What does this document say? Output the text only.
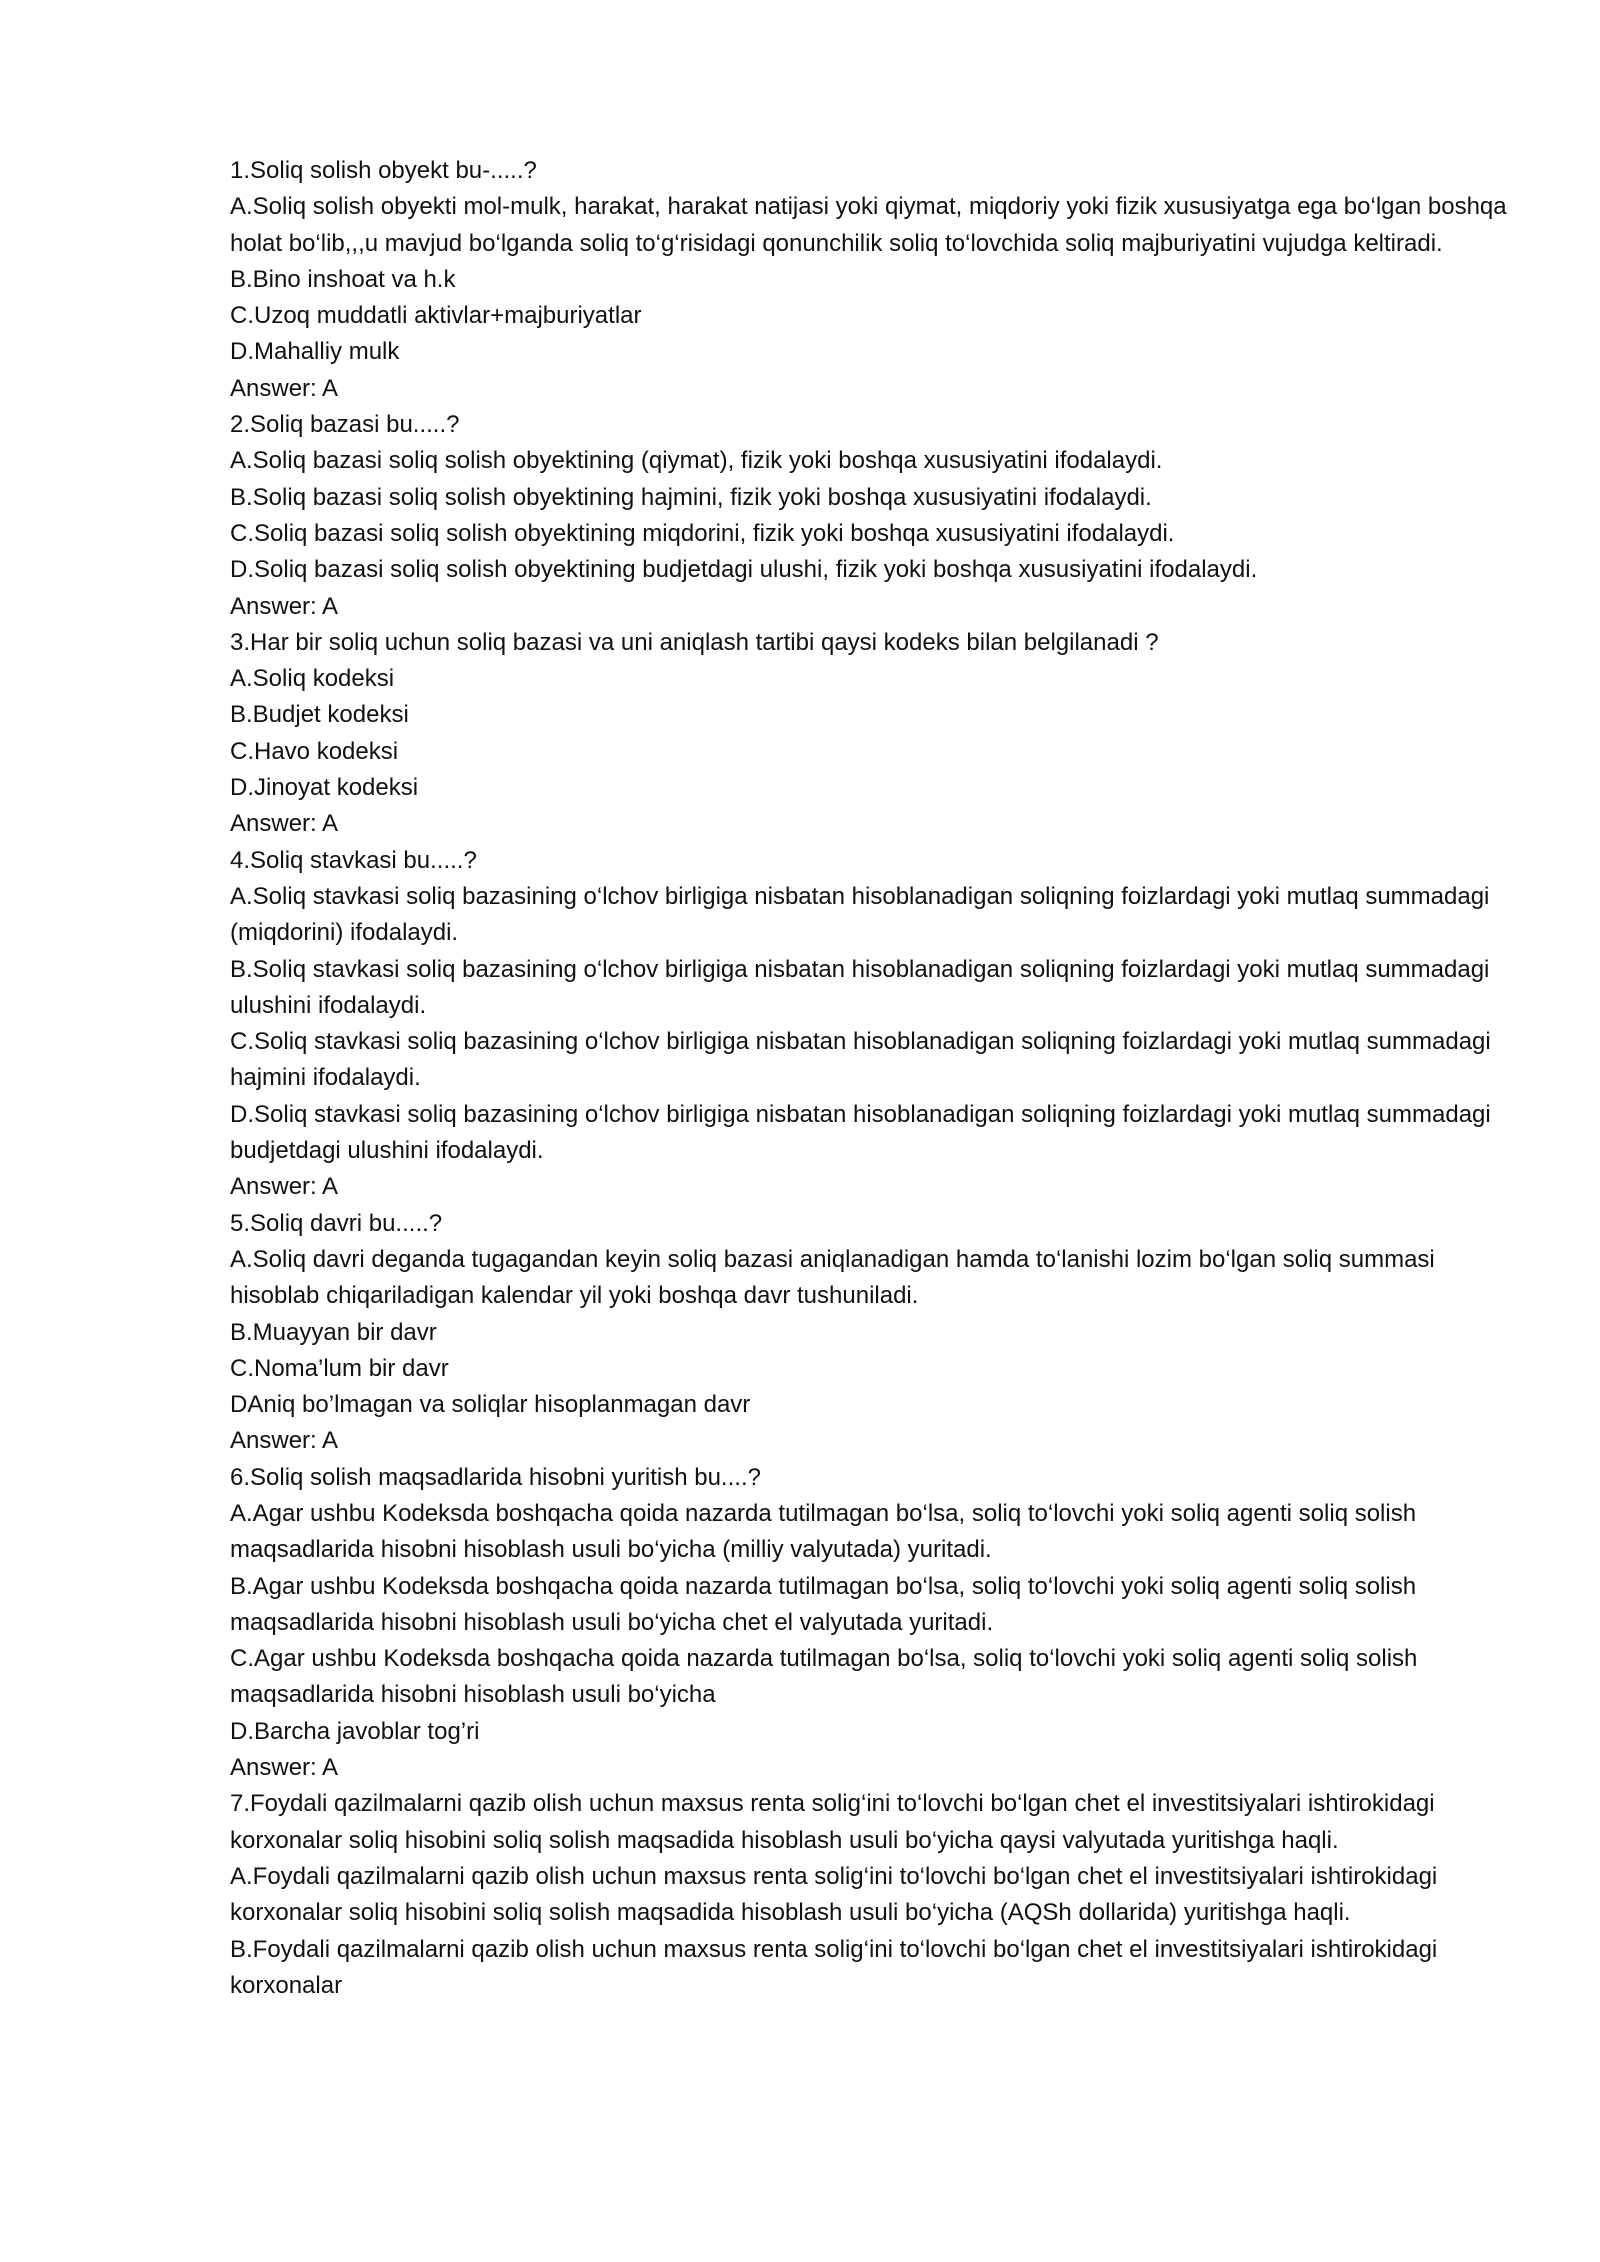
1.Soliq solish obyekt bu-.....?

A.Soliq solish obyekti mol-mulk, harakat, harakat natijasi yoki qiymat, miqdoriy yoki fizik xususiyatga ega bo‘lgan boshqa holat bo‘lib,,,u mavjud bo‘lganda soliq to‘g‘risidagi qonunchilik soliq to‘lovchida soliq majburiyatini vujudga keltiradi.

B.Bino inshoat va h.k

C.Uzoq muddatli aktivlar+majburiyatlar

D.Mahalliy mulk

Answer: A

2.Soliq bazasi bu.....?

A.Soliq bazasi soliq solish obyektining (qiymat), fizik yoki boshqa xususiyatini ifodalaydi.

B.Soliq bazasi soliq solish obyektining hajmini, fizik yoki boshqa xususiyatini ifodalaydi.

C.Soliq bazasi soliq solish obyektining miqdorini, fizik yoki boshqa xususiyatini ifodalaydi.

D.Soliq bazasi soliq solish obyektining budjetdagi ulushi, fizik yoki boshqa xususiyatini ifodalaydi.

Answer: A

3.Har bir soliq uchun soliq bazasi va uni aniqlash tartibi qaysi kodeks bilan belgilanadi ?

A.Soliq kodeksi

B.Budjet kodeksi

C.Havo kodeksi

D.Jinoyat kodeksi

Answer: A

4.Soliq stavkasi bu.....?

A.Soliq stavkasi soliq bazasining o‘lchov birligiga nisbatan hisoblanadigan soliqning foizlardagi yoki mutlaq summadagi (miqdorini) ifodalaydi.

B.Soliq stavkasi soliq bazasining o‘lchov birligiga nisbatan hisoblanadigan soliqning foizlardagi yoki mutlaq summadagi ulushini ifodalaydi.

C.Soliq stavkasi soliq bazasining o‘lchov birligiga nisbatan hisoblanadigan soliqning foizlardagi yoki mutlaq summadagi hajmini ifodalaydi.

D.Soliq stavkasi soliq bazasining o‘lchov birligiga nisbatan hisoblanadigan soliqning foizlardagi yoki mutlaq summadagi budjetdagi ulushini ifodalaydi.

Answer: A

5.Soliq davri bu.....?

A.Soliq davri deganda tugagandan keyin soliq bazasi aniqlanadigan hamda to‘lanishi lozim bo‘lgan soliq summasi hisoblab chiqariladigan kalendar yil yoki boshqa davr tushuniladi.

B.Muayyan bir davr

C.Noma’lum bir davr

DAniq bo’lmagan va soliqlar hisoplanmagan davr

Answer: A

6.Soliq solish maqsadlarida hisobni yuritish bu....?

A.Agar ushbu Kodeksda boshqacha qoida nazarda tutilmagan bo‘lsa, soliq to‘lovchi yoki soliq agenti soliq solish maqsadlarida hisobni hisoblash usuli bo‘yicha (milliy valyutada) yuritadi.

B.Agar ushbu Kodeksda boshqacha qoida nazarda tutilmagan bo‘lsa, soliq to‘lovchi yoki soliq agenti soliq solish maqsadlarida hisobni hisoblash usuli bo‘yicha chet el valyutada yuritadi.

C.Agar ushbu Kodeksda boshqacha qoida nazarda tutilmagan bo‘lsa, soliq to‘lovchi yoki soliq agenti soliq solish maqsadlarida hisobni hisoblash usuli bo‘yicha

D.Barcha javoblar tog’ri

Answer: A

7.Foydali qazilmalarni qazib olish uchun maxsus renta solig‘ini to‘lovchi bo‘lgan chet el investitsiyalari ishtirokidagi korxonalar soliq hisobini soliq solish maqsadida hisoblash usuli bo‘yicha qaysi valyutada yuritishga haqli.

A.Foydali qazilmalarni qazib olish uchun maxsus renta solig‘ini to‘lovchi bo‘lgan chet el investitsiyalari ishtirokidagi korxonalar soliq hisobini soliq solish maqsadida hisoblash usuli bo‘yicha (AQSh dollarida) yuritishga haqli.

B.Foydali qazilmalarni qazib olish uchun maxsus renta solig‘ini to‘lovchi bo‘lgan chet el investitsiyalari ishtirokidagi korxonalar
